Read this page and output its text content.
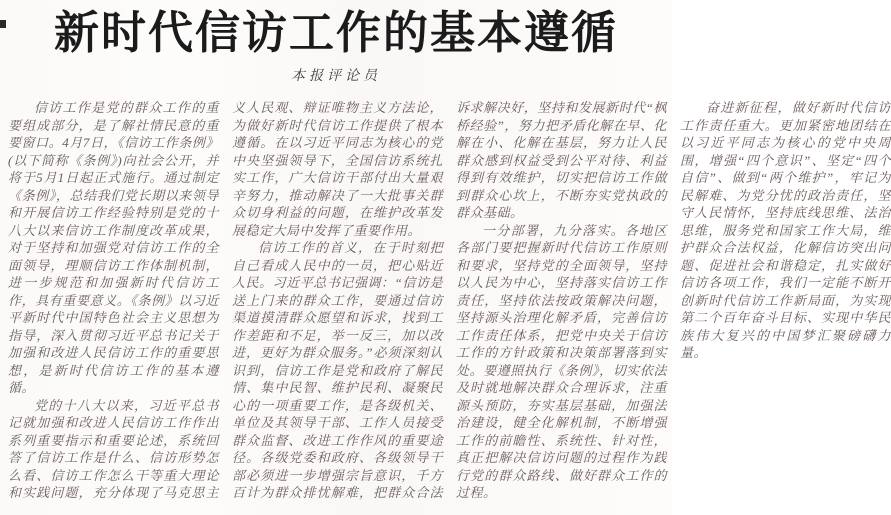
新时代信访工作的基本遵循
本报评论员

信访工作是党的群众工作的重要组成部分，是了解社情民意的重要窗口。4月7日，《信访工作条例》(以下简称《条例》)向社会公开，并将于5月1日起正式施行。通过制定《条例》，总结我们党长期以来领导和开展信访工作经验特别是党的十八大以来信访工作制度改革成果，对于坚持和加强党对信访工作的全面领导，理顺信访工作体制机制，进一步规范和加强新时代信访工作，具有重要意义。《条例》以习近平新时代中国特色社会主义思想为指导，深入贯彻习近平总书记关于加强和改进人民信访工作的重要思想，是新时代信访工作的基本遵循。

党的十八大以来，习近平总书记就加强和改进人民信访工作作出系列重要指示和重要论述，系统回答了信访工作是什么、信访形势怎么看、信访工作怎么干等重大理论和实践问题，充分体现了马克思主义人民观、辩证唯物主义方法论，为做好新时代信访工作提供了根本遵循。在以习近平同志为核心的党中央坚强领导下，全国信访系统扎实工作，广大信访干部付出大量艰辛努力，推动解决了一大批事关群众切身利益的问题，在维护改革发展稳定大局中发挥了重要作用。

信访工作的首义，在于时刻把自己看成人民中的一员，把心贴近人民。习近平总书记强调：“信访是送上门来的群众工作，要通过信访渠道摸清群众愿望和诉求，找到工作差距和不足，举一反三，加以改进，更好为群众服务。”必须深刻认识到，信访工作是党和政府了解民情、集中民智、维护民利、凝聚民心的一项重要工作，是各级机关、单位及其领导干部、工作人员接受群众监督、改进工作作风的重要途径。各级党委和政府、各级领导干部必须进一步增强宗旨意识，千方百计为群众排忧解难，把群众合法诉求解决好，坚持和发展新时代“枫桥经验”，努力把矛盾化解在早、化解在小、化解在基层，努力让人民群众感到权益受到公平对待、利益得到有效维护，切实把信访工作做到群众心坎上，不断夯实党执政的群众基础。

一分部署，九分落实。各地区各部门要把握新时代信访工作原则和要求，坚持党的全面领导，坚持以人民为中心，坚持落实信访工作责任，坚持依法按政策解决问题，坚持源头治理化解矛盾，完善信访工作责任体系，把党中央关于信访工作的方针政策和决策部署落到实处。要遵照执行《条例》，切实依法及时就地解决群众合理诉求，注重源头预防，夯实基层基础，加强法治建设，健全化解机制，不断增强工作的前瞻性、系统性、针对性，真正把解决信访问题的过程作为践行党的群众路线、做好群众工作的过程。

奋进新征程，做好新时代信访工作责任重大。更加紧密地团结在以习近平同志为核心的党中央周围，增强“四个意识”、坚定“四个自信”、做到“两个维护”，牢记为民解难、为党分忧的政治责任，坚守人民情怀，坚持底线思维、法治思维，服务党和国家工作大局，维护群众合法权益，化解信访突出问题、促进社会和谐稳定，扎实做好信访各项工作，我们一定能不断开创新时代信访工作新局面，为实现第二个百年奋斗目标、实现中华民族伟大复兴的中国梦汇聚磅礴力量。
